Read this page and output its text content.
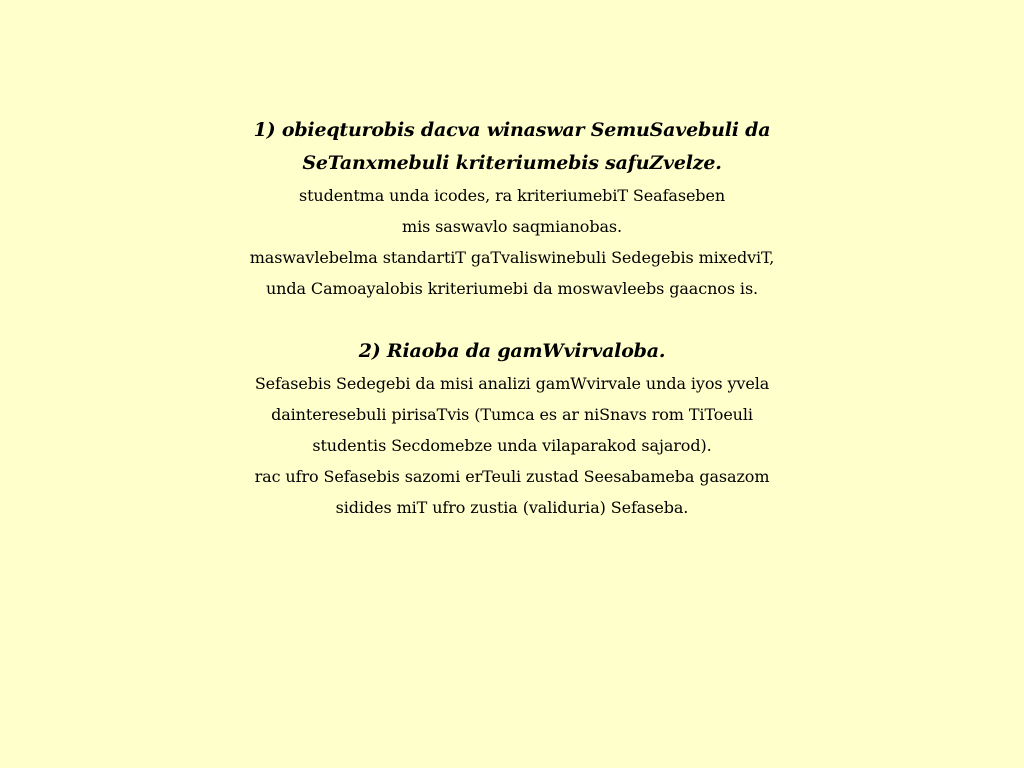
1) obieqturobis dacva winaswar SemuSavebuli da

SeTanxmebuli kriteriumebis safuZvelze.

studentma unda icodes, ra kriteriumebiT Seafaseben

mis saswavlo saqmianobas.

maswavlebelma standartiT gaTvaliswinebuli Sedegebis mixedviT,

unda Camoayalobis kriteriumebi da moswavleebs gaacnos is.

2) Riaoba da gamWvirvaloba.

Sefasebis Sedegebi da misi analizi gamWvirvale unda iyos yvela

dainteresebuli pirisaTvis (Tumca es ar niSnavs rom TiToeuli

studentis Secdomebze unda vilaparakod sajarod).

rac ufro Sefasebis sazomi erTeuli zustad Seesabameba gasazom

sidides miT ufro zustia (validuria) Sefaseba.
